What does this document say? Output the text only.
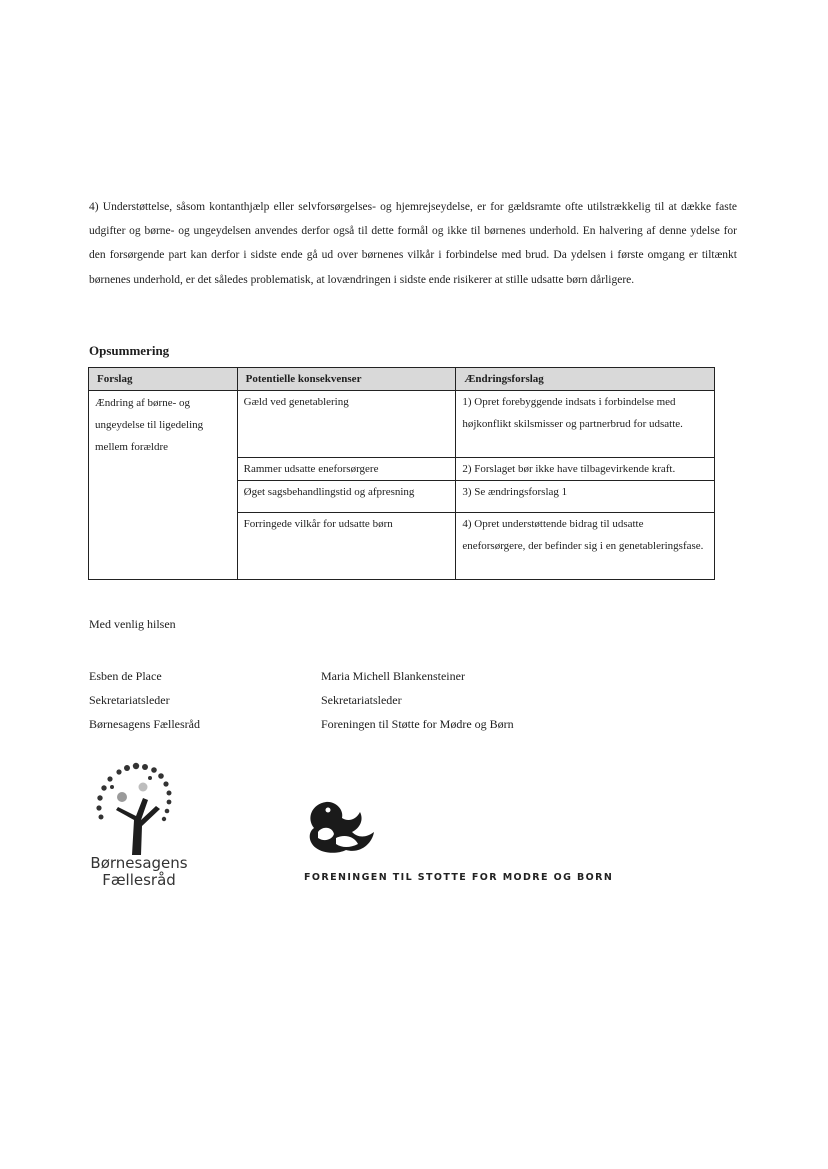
4) Understøttelse, såsom kontanthjælp eller selvforsørgelses- og hjemrejseydelse, er for gældsramte ofte utilstrækkelig til at dække faste udgifter og børne- og ungeydelsen anvendes derfor også til dette formål og ikke til børnenes underhold. En halvering af denne ydelse for den forsørgende part kan derfor i sidste ende gå ud over børnenes vilkår i forbindelse med brud. Da ydelsen i første omgang er tiltænkt børnenes underhold, er det således problematisk, at lovændringen i sidste ende risikerer at stille udsatte børn dårligere.

Opsummering

Forslag	Potentielle konsekvenser	Ændringsforslag
Ændring af børne- og ungeydelse til ligedeling mellem forældre	Gæld ved genetablering	1) Opret forebyggende indsats i forbindelse med højkonflikt skilsmisser og partnerbrud for udsatte.
	Rammer udsatte eneforsørgere	2) Forslaget bør ikke have tilbagevirkende kraft.
	Øget sagsbehandlingstid og afpresning	3) Se ændringsforslag 1
	Forringede vilkår for udsatte børn	4) Opret understøttende bidrag til udsatte eneforsørgere, der befinder sig i en genetableringsfase.

Med venlig hilsen

Esben de Place
Sekretariatsleder
Børnesagens Fællesråd
Maria Michell Blankensteiner
Sekretariatsleder
Foreningen til Støtte for Mødre og Børn
Børnesagens
Fællesråd	FORENINGEN TIL STOTTE FOR MODRE OG BORN
